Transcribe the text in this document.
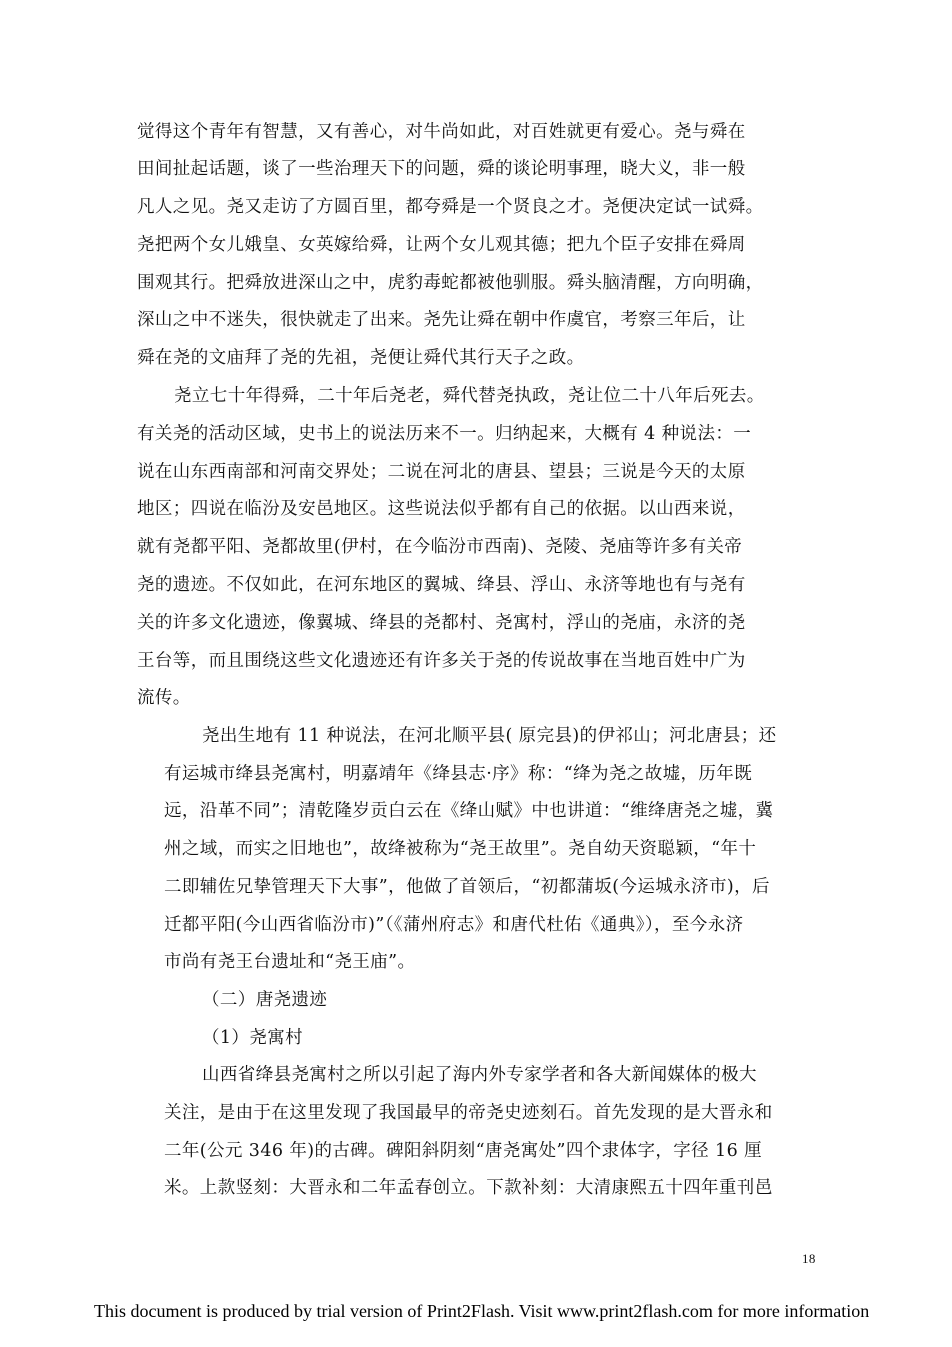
觉得这个青年有智慧，又有善心，对牛尚如此，对百姓就更有爱心。尧与舜在
田间扯起话题，谈了一些治理天下的问题，舜的谈论明事理，晓大义，非一般
凡人之见。尧又走访了方圆百里，都夸舜是一个贤良之才。尧便决定试一试舜。
尧把两个女儿娥皇、女英嫁给舜，让两个女儿观其德；把九个臣子安排在舜周
围观其行。把舜放进深山之中，虎豹毒蛇都被他驯服。舜头脑清醒，方向明确，
深山之中不迷失，很快就走了出来。尧先让舜在朝中作虞官，考察三年后，让
舜在尧的文庙拜了尧的先祖，尧便让舜代其行天子之政。
尧立七十年得舜，二十年后尧老，舜代替尧执政，尧让位二十八年后死去。
有关尧的活动区域，史书上的说法历来不一。归纳起来，大概有 4 种说法：一
说在山东西南部和河南交界处；二说在河北的唐县、望县；三说是今天的太原
地区；四说在临汾及安邑地区。这些说法似乎都有自己的依据。以山西来说，
就有尧都平阳、尧都故里(伊村，在今临汾市西南)、尧陵、尧庙等许多有关帝
尧的遗迹。不仅如此，在河东地区的翼城、绛县、浮山、永济等地也有与尧有
关的许多文化遗迹，像翼城、绛县的尧都村、尧寓村，浮山的尧庙，永济的尧
王台等，而且围绕这些文化遗迹还有许多关于尧的传说故事在当地百姓中广为
流传。
尧出生地有 11 种说法，在河北顺平县( 原完县)的伊祁山；河北唐县；还
有运城市绛县尧寓村，明嘉靖年《绛县志·序》称：“绛为尧之故墟，历年既
远，沿革不同”；清乾隆岁贡白云在《绛山赋》中也讲道：“维绛唐尧之墟，冀
州之域，而实之旧地也”，故绛被称为“尧王故里”。尧自幼天资聪颖，“年十
二即辅佐兄挚管理天下大事”，他做了首领后，“初都蒲坂(今运城永济市)，后
迁都平阳(今山西省临汾市)”（《蒲州府志》和唐代杜佑《通典》），至今永济
市尚有尧王台遗址和“尧王庙”。
（二）唐尧遗迹
（1）尧寓村
山西省绛县尧寓村之所以引起了海内外专家学者和各大新闻媒体的极大
关注，是由于在这里发现了我国最早的帝尧史迹刻石。首先发现的是大晋永和
二年(公元 346 年)的古碑。碑阳斜阴刻“唐尧寓处”四个隶体字，字径 16 厘
米。上款竖刻：大晋永和二年孟春创立。下款补刻：大清康熙五十四年重刊邑
18
This document is produced by trial version of Print2Flash. Visit www.print2flash.com for more information
